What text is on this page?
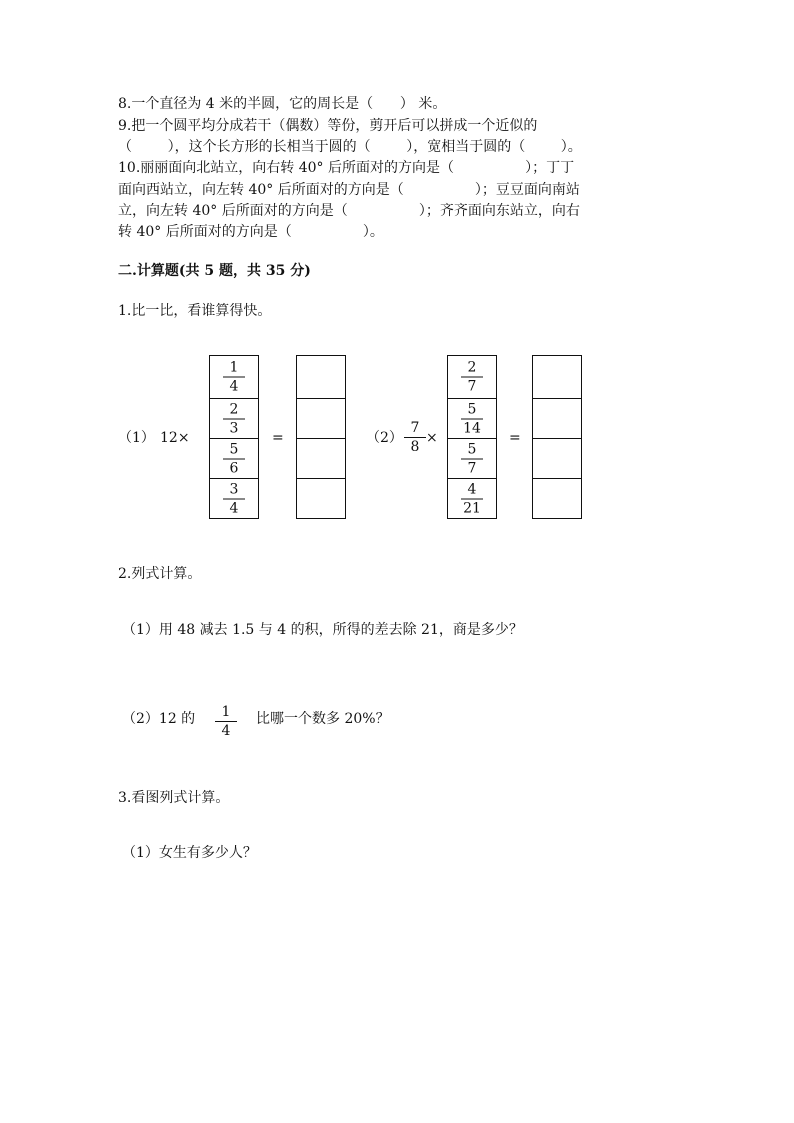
8.一个直径为 4 米的半圆，它的周长是（      ） 米。
9.把一个圆平均分成若干（偶数）等份，剪开后可以拼成一个近似的
（        ），这个长方形的长相当于圆的（        ），宽相当于圆的（        ）。
10.丽丽面向北站立，向右转 40° 后所面对的方向是（                ）；丁丁
面向西站立，向左转 40° 后所面对的方向是（                ）；豆豆面向南站
立，向左转 40° 后所面对的方向是（                ）；齐齐面向东站立，向右
转 40° 后所面对的方向是（                ）。
二.计算题(共 5 题，共 35 分)
1.比一比，看谁算得快。
（1） 12×
1
4
2
3
5
6
3
4
=	（2）
7
8
×
2
7
5
14
5
7
4
21
=
2.列式计算。
（1）用 48 减去 1.5 与 4 的积，所得的差去除 21，商是多少？
（2）12 的	1
4
比哪一个数多 20%？
3.看图列式计算。
（1）女生有多少人？
